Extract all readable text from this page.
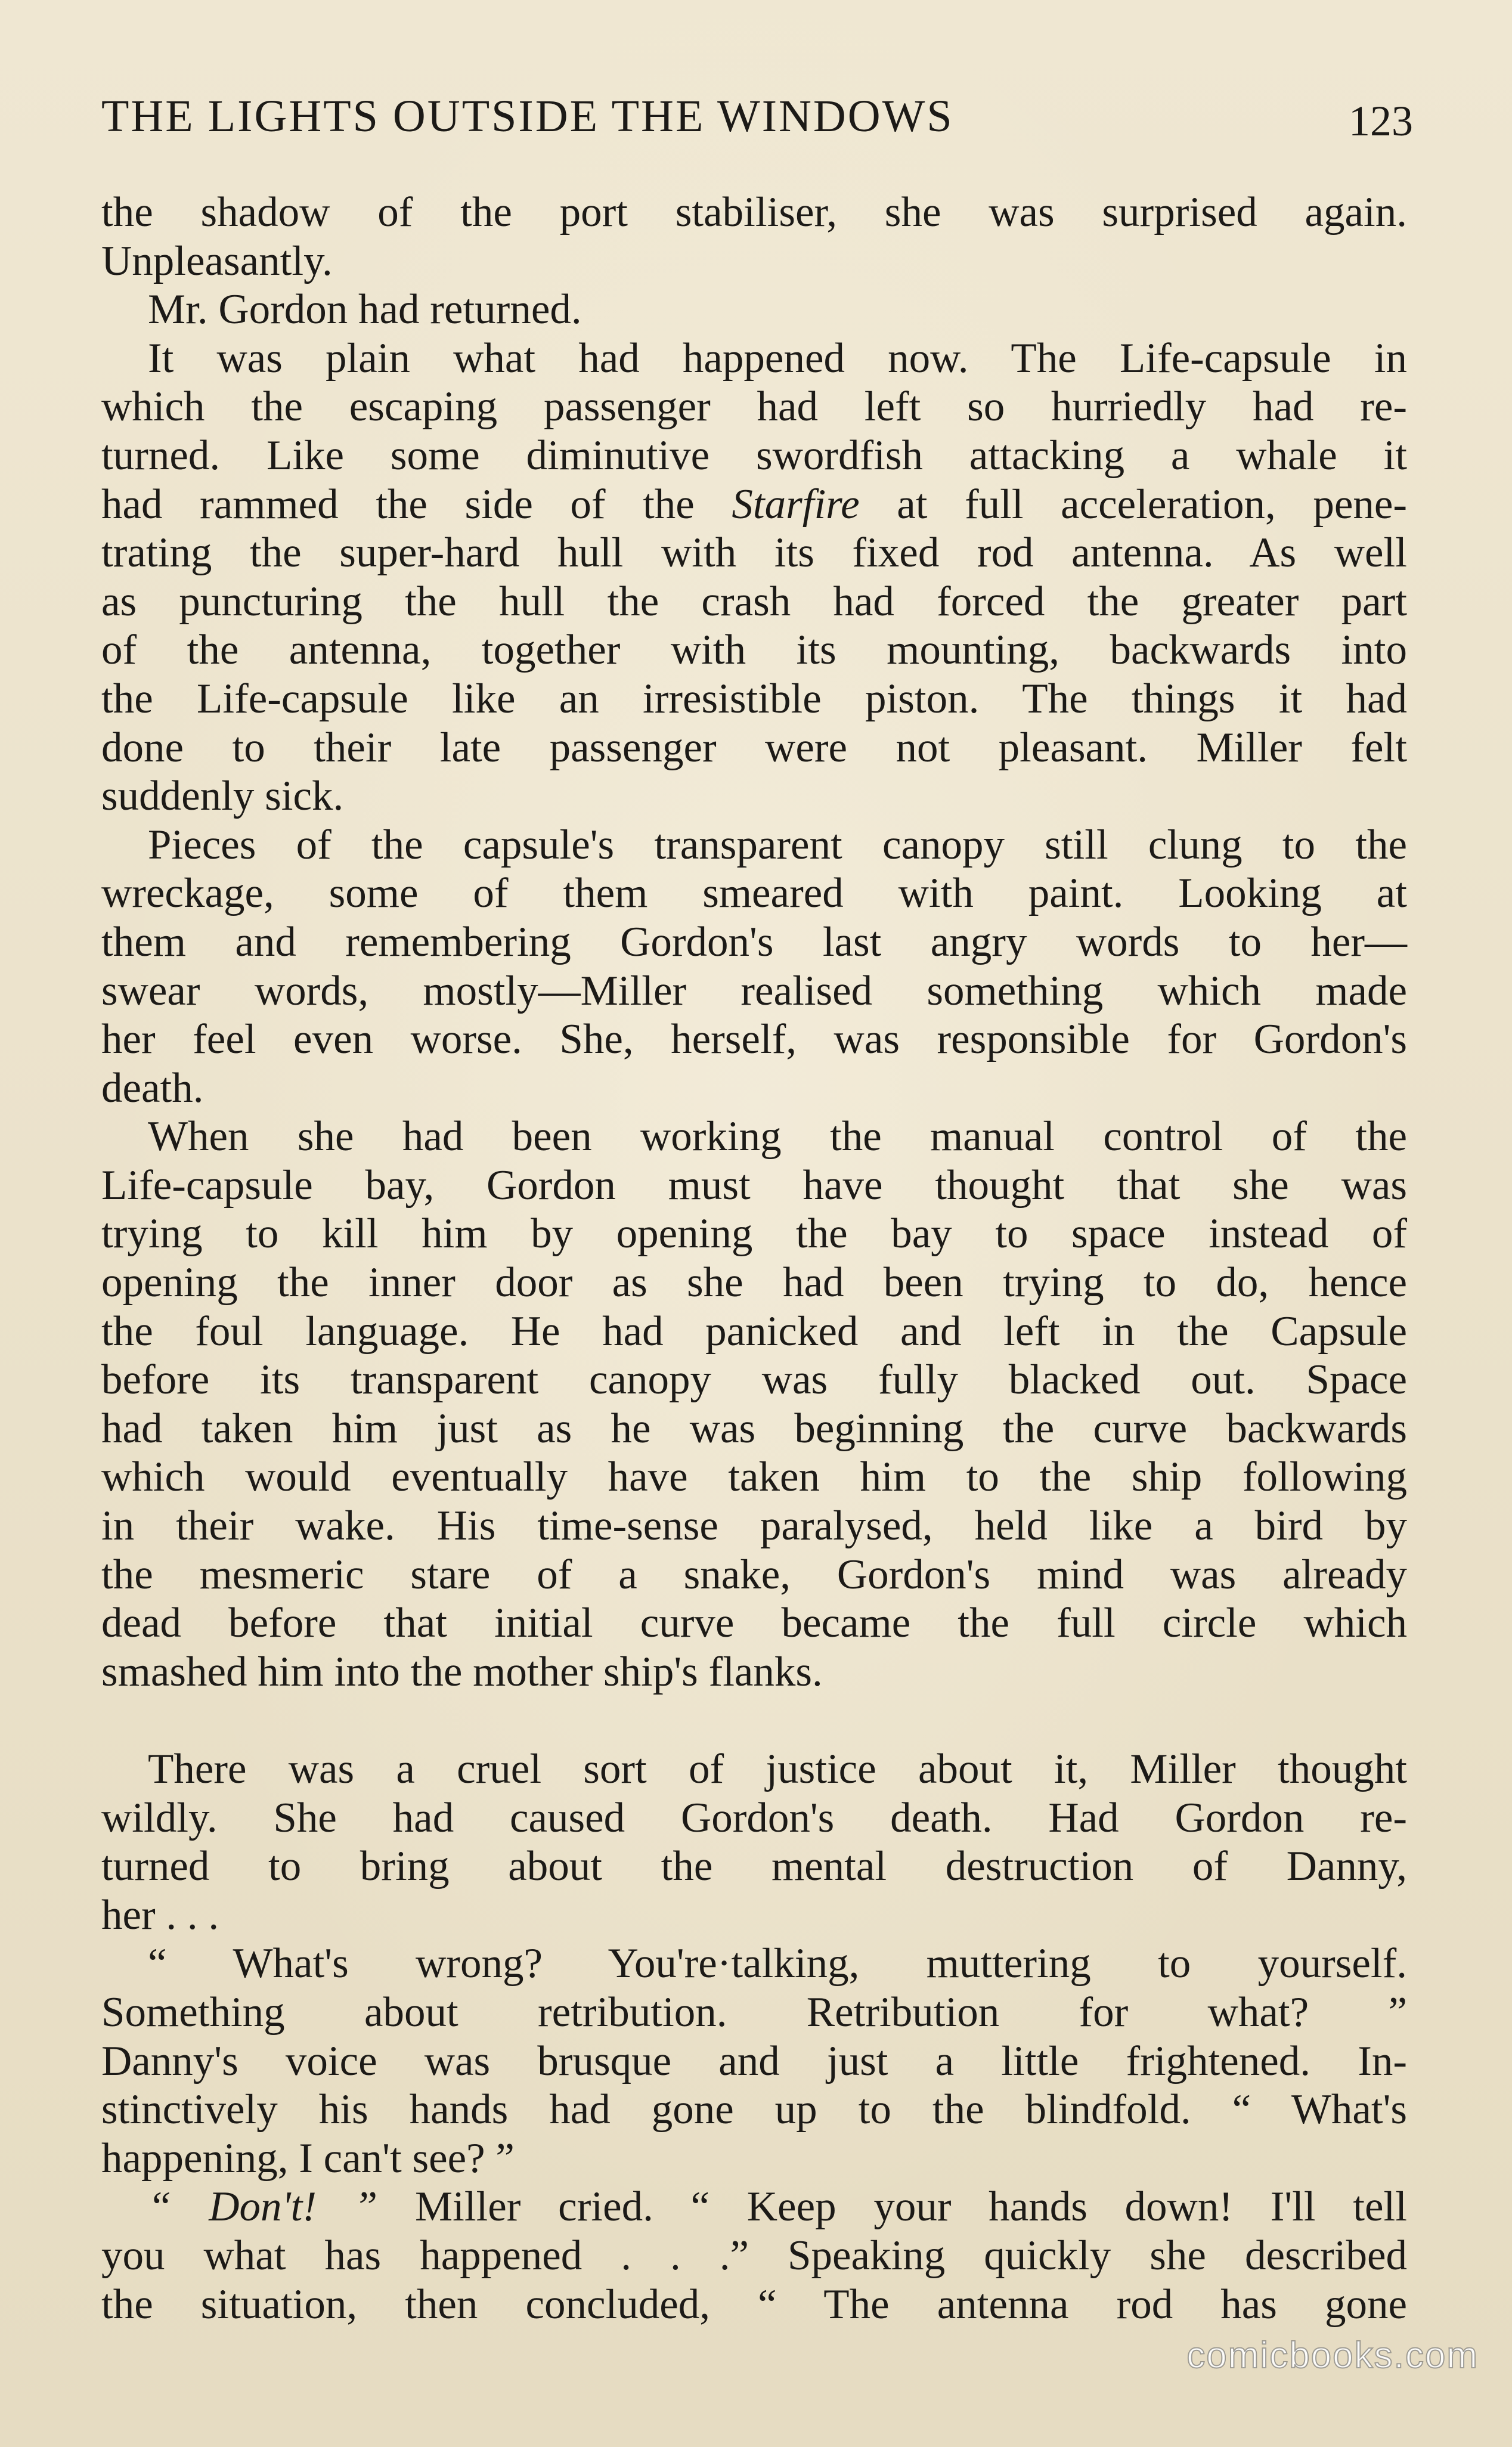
THE LIGHTS OUTSIDE THE WINDOWS	123
the shadow of the port stabiliser, she was surprised again.
Unpleasantly.
Mr. Gordon had returned.
It was plain what had happened now. The Life-capsule in
which the escaping passenger had left so hurriedly had re-
turned. Like some diminutive swordfish attacking a whale it
had rammed the side of the Starfire at full acceleration, pene-
trating the super-hard hull with its fixed rod antenna. As well
as puncturing the hull the crash had forced the greater part
of the antenna, together with its mounting, backwards into
the Life-capsule like an irresistible piston. The things it had
done to their late passenger were not pleasant. Miller felt
suddenly sick.
Pieces of the capsule's transparent canopy still clung to the
wreckage, some of them smeared with paint. Looking at
them and remembering Gordon's last angry words to her—
swear words, mostly—Miller realised something which made
her feel even worse. She, herself, was responsible for Gordon's
death.
When she had been working the manual control of the
Life-capsule bay, Gordon must have thought that she was
trying to kill him by opening the bay to space instead of
opening the inner door as she had been trying to do, hence
the foul language. He had panicked and left in the Capsule
before its transparent canopy was fully blacked out. Space
had taken him just as he was beginning the curve backwards
which would eventually have taken him to the ship following
in their wake. His time-sense paralysed, held like a bird by
the mesmeric stare of a snake, Gordon's mind was already
dead before that initial curve became the full circle which
smashed him into the mother ship's flanks.
There was a cruel sort of justice about it, Miller thought
wildly. She had caused Gordon's death. Had Gordon re-
turned to bring about the mental destruction of Danny,
her . . .
“ What's wrong? You're·talking, muttering to yourself.
Something about retribution. Retribution for what? ”
Danny's voice was brusque and just a little frightened. In-
stinctively his hands had gone up to the blindfold. “ What's
happening, I can't see? ”
“ Don't! ” Miller cried. “ Keep your hands down! I'll tell
you what has happened . . .” Speaking quickly she described
the situation, then concluded, “ The antenna rod has gone
comicbooks.com
